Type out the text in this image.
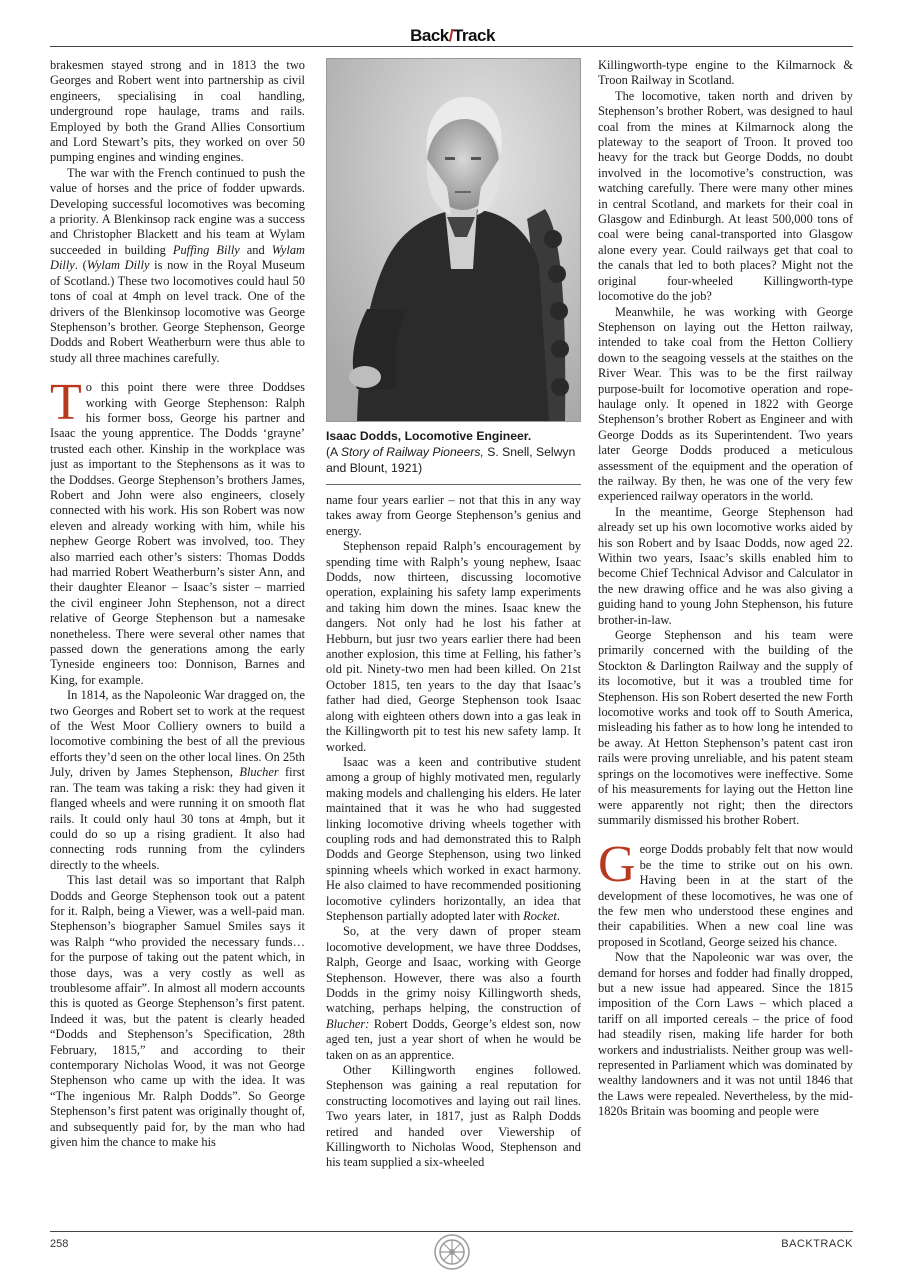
Back/Track

brakesmen stayed strong and in 1813 the two Georges and Robert went into partnership as civil engineers, specialising in coal handling, underground rope haulage, trams and rails. Employed by both the Grand Allies Consortium and Lord Stewart’s pits, they worked on over 50 pumping engines and winding engines.

The war with the French continued to push the value of horses and the price of fodder upwards. Developing successful locomotives was becoming a priority. A Blenkinsop rack engine was a success and Christopher Blackett and his team at Wylam succeeded in building Puffing Billy and Wylam Dilly. (Wylam Dilly is now in the Royal Museum of Scotland.) These two locomotives could haul 50 tons of coal at 4mph on level track. One of the drivers of the Blenkinsop locomotive was George Stephenson’s brother. George Stephenson, George Dodds and Robert Weatherburn were thus able to study all three machines carefully.

To this point there were three Doddses working with George Stephenson: Ralph his former boss, George his partner and Isaac the young apprentice. The Dodds ‘grayne’ trusted each other. Kinship in the workplace was just as important to the Stephensons as it was to the Doddses. George Stephenson’s brothers James, Robert and John were also engineers, closely connected with his work. His son Robert was now eleven and already working with him, while his nephew George Robert was involved, too. They also married each other’s sisters: Thomas Dodds had married Robert Weatherburn’s sister Ann, and their daughter Eleanor – Isaac’s sister – married the civil engineer John Stephenson, not a direct relative of George Stephenson but a namesake nonetheless. There were several other names that passed down the generations among the early Tyneside engineers too: Donnison, Barnes and King, for example.

In 1814, as the Napoleonic War dragged on, the two Georges and Robert set to work at the request of the West Moor Colliery owners to build a locomotive combining the best of all the previous efforts they’d seen on the other local lines. On 25th July, driven by James Stephenson, Blucher first ran. The team was taking a risk: they had given it flanged wheels and were running it on smooth flat rails. It could only haul 30 tons at 4mph, but it could do so up a rising gradient. It also had connecting rods running from the cylinders directly to the wheels.

This last detail was so important that Ralph Dodds and George Stephenson took out a patent for it. Ralph, being a Viewer, was a well-paid man. Stephenson’s biographer Samuel Smiles says it was Ralph “who provided the necessary funds… for the purpose of taking out the patent which, in those days, was a very costly as well as troublesome affair”. In almost all modern accounts this is quoted as George Stephenson’s first patent. Indeed it was, but the patent is clearly headed “Dodds and Stephenson’s Specification, 28th February, 1815,” and according to their contemporary Nicholas Wood, it was not George Stephenson who came up with the idea. It was “The ingenious Mr. Ralph Dodds”. So George Stephenson’s first patent was originally thought of, and subsequently paid for, by the man who had given him the chance to make his

Isaac Dodds, Locomotive Engineer.
(A Story of Railway Pioneers, S. Snell, Selwyn and Blount, 1921)

name four years earlier – not that this in any way takes away from George Stephenson’s genius and energy.

Stephenson repaid Ralph’s encouragement by spending time with Ralph’s young nephew, Isaac Dodds, now thirteen, discussing locomotive operation, explaining his safety lamp experiments and taking him down the mines. Isaac knew the dangers. Not only had he lost his father at Hebburn, but jusr two years earlier there had been another explosion, this time at Felling, his father’s old pit. Ninety-two men had been killed. On 21st October 1815, ten years to the day that Isaac’s father had died, George Stephenson took Isaac along with eighteen others down into a gas leak in the Killingworth pit to test his new safety lamp. It worked.

Isaac was a keen and contributive student among a group of highly motivated men, regularly making models and challenging his elders. He later maintained that it was he who had suggested linking locomotive driving wheels together with coupling rods and had demonstrated this to Ralph Dodds and George Stephenson, using two linked spinning wheels which worked in exact harmony. He also claimed to have recommended positioning locomotive cylinders horizontally, an idea that Stephenson partially adopted later with Rocket.

So, at the very dawn of proper steam locomotive development, we have three Doddses, Ralph, George and Isaac, working with George Stephenson. However, there was also a fourth Dodds in the grimy noisy Killingworth sheds, watching, perhaps helping, the construction of Blucher: Robert Dodds, George’s eldest son, now aged ten, just a year short of when he would be taken on as an apprentice.

Other Killingworth engines followed. Stephenson was gaining a real reputation for constructing locomotives and laying out rail lines. Two years later, in 1817, just as Ralph Dodds retired and handed over Viewership of Killingworth to Nicholas Wood, Stephenson and his team supplied a six-wheeled

Killingworth-type engine to the Kilmarnock & Troon Railway in Scotland.

The locomotive, taken north and driven by Stephenson’s brother Robert, was designed to haul coal from the mines at Kilmarnock along the plateway to the seaport of Troon. It proved too heavy for the track but George Dodds, no doubt involved in the locomotive’s construction, was watching carefully. There were many other mines in central Scotland, and markets for their coal in Glasgow and Edinburgh. At least 500,000 tons of coal were being canal-transported into Glasgow alone every year. Could railways get that coal to the canals that led to both places? Might not the original four-wheeled Killingworth-type locomotive do the job?

Meanwhile, he was working with George Stephenson on laying out the Hetton railway, intended to take coal from the Hetton Colliery down to the seagoing vessels at the staithes on the River Wear. This was to be the first railway purpose-built for locomotive operation and rope-haulage only. It opened in 1822 with George Stephenson’s brother Robert as Engineer and with George Dodds as its Superintendent. Two years later George Dodds produced a meticulous assessment of the equipment and the operation of the railway. By then, he was one of the very few experienced railway operators in the world.

In the meantime, George Stephenson had already set up his own locomotive works aided by his son Robert and by Isaac Dodds, now aged 22. Within two years, Isaac’s skills enabled him to become Chief Technical Advisor and Calculator in the new drawing office and he was also giving a guiding hand to young John Stephenson, his future brother-in-law.

George Stephenson and his team were primarily concerned with the building of the Stockton & Darlington Railway and the supply of its locomotive, but it was a troubled time for Stephenson. His son Robert deserted the new Forth locomotive works and took off to South America, misleading his father as to how long he intended to be away. At Hetton Stephenson’s patent cast iron rails were proving unreliable, and his patent steam springs on the locomotives were ineffective. Some of his measurements for laying out the Hetton line were apparently not right; then the directors summarily dismissed his brother Robert.

George Dodds probably felt that now would be the time to strike out on his own. Having been in at the start of the development of these locomotives, he was one of the few men who understood these engines and their capabilities. When a new coal line was proposed in Scotland, George seized his chance.

Now that the Napoleonic war was over, the demand for horses and fodder had finally dropped, but a new issue had appeared. Since the 1815 imposition of the Corn Laws – which placed a tariff on all imported cereals – the price of food had steadily risen, making life harder for both workers and industrialists. Neither group was well-represented in Parliament which was dominated by wealthy landowners and it was not until 1846 that the Laws were repealed. Nevertheless, by the mid-1820s Britain was booming and people were

258	BACKTRACK
